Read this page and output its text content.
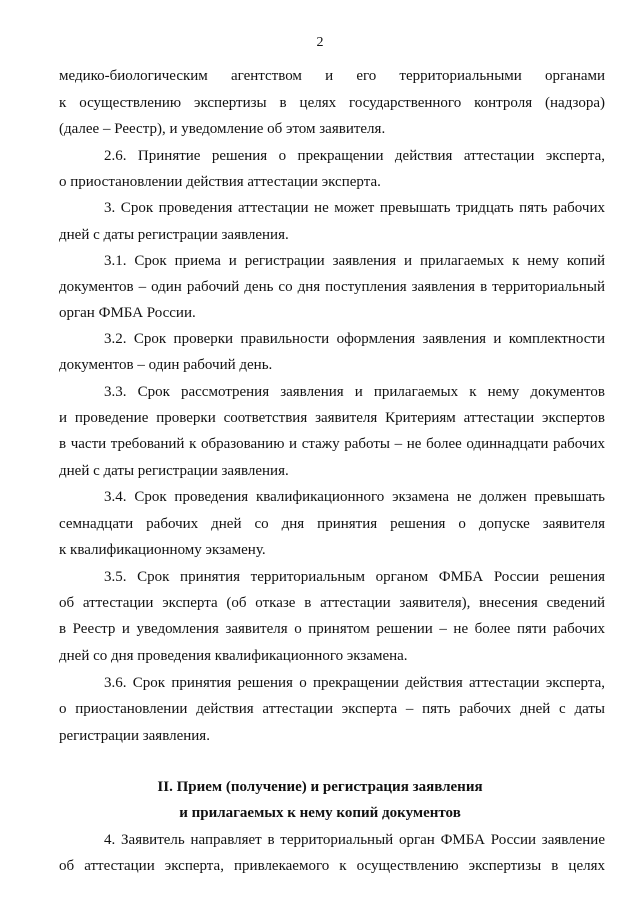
2
медико-биологическим агентством и его территориальными органами
к осуществлению экспертизы в целях государственного контроля (надзора)
(далее – Реестр), и уведомление об этом заявителя.
2.6. Принятие решения о прекращении действия аттестации эксперта,
о приостановлении действия аттестации эксперта.
3. Срок проведения аттестации не может превышать тридцать пять рабочих
дней с даты регистрации заявления.
3.1. Срок приема и регистрации заявления и прилагаемых к нему копий
документов – один рабочий день со дня поступления заявления в территориальный
орган ФМБА России.
3.2. Срок проверки правильности оформления заявления и комплектности
документов – один рабочий день.
3.3. Срок рассмотрения заявления и прилагаемых к нему документов
и проведение проверки соответствия заявителя Критериям аттестации экспертов
в части требований к образованию и стажу работы – не более одиннадцати рабочих
дней с даты регистрации заявления.
3.4. Срок проведения квалификационного экзамена не должен превышать
семнадцати рабочих дней со дня принятия решения о допуске заявителя
к квалификационному экзамену.
3.5. Срок принятия территориальным органом ФМБА России решения
об аттестации эксперта (об отказе в аттестации заявителя), внесения сведений
в Реестр и уведомления заявителя о принятом решении – не более пяти рабочих
дней со дня проведения квалификационного экзамена.
3.6. Срок принятия решения о прекращении действия аттестации эксперта,
о приостановлении действия аттестации эксперта – пять рабочих дней с даты
регистрации заявления.
II. Прием (получение) и регистрация заявления
и прилагаемых к нему копий документов
4. Заявитель направляет в территориальный орган ФМБА России заявление
об аттестации эксперта, привлекаемого к осуществлению экспертизы в целях
